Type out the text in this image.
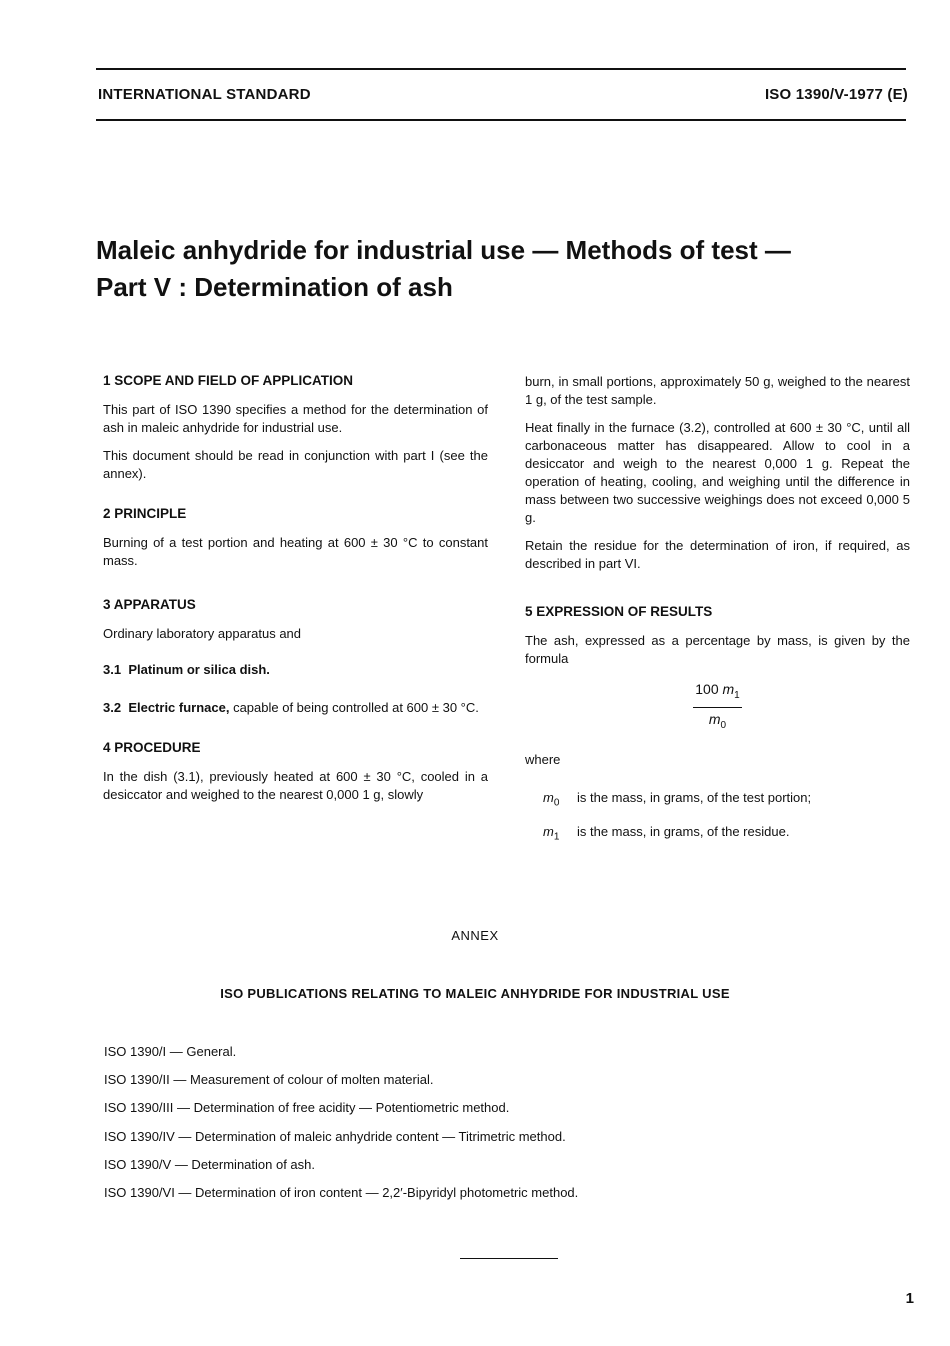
INTERNATIONAL STANDARD	ISO 1390/V-1977 (E)
Maleic anhydride for industrial use — Methods of test —
Part V : Determination of ash
1 SCOPE AND FIELD OF APPLICATION
This part of ISO 1390 specifies a method for the determination of ash in maleic anhydride for industrial use.
This document should be read in conjunction with part I (see the annex).
2 PRINCIPLE
Burning of a test portion and heating at 600 ± 30 °C to constant mass.
3 APPARATUS
Ordinary laboratory apparatus and
3.1 Platinum or silica dish.
3.2 Electric furnace, capable of being controlled at 600 ± 30 °C.
4 PROCEDURE
In the dish (3.1), previously heated at 600 ± 30 °C, cooled in a desiccator and weighed to the nearest 0,000 1 g, slowly
burn, in small portions, approximately 50 g, weighed to the nearest 1 g, of the test sample.
Heat finally in the furnace (3.2), controlled at 600 ± 30 °C, until all carbonaceous matter has disappeared. Allow to cool in a desiccator and weigh to the nearest 0,000 1 g. Repeat the operation of heating, cooling, and weighing until the difference in mass between two successive weighings does not exceed 0,000 5 g.
Retain the residue for the determination of iron, if required, as described in part VI.
5 EXPRESSION OF RESULTS
The ash, expressed as a percentage by mass, is given by the formula
100 $m_1$
$m_0$
where
$m_0$ is the mass, in grams, of the test portion;
$m_1$ is the mass, in grams, of the residue.
ANNEX
ISO PUBLICATIONS RELATING TO MALEIC ANHYDRIDE FOR INDUSTRIAL USE
ISO 1390/I — General.
ISO 1390/II — Measurement of colour of molten material.
ISO 1390/III — Determination of free acidity — Potentiometric method.
ISO 1390/IV — Determination of maleic anhydride content — Titrimetric method.
ISO 1390/V — Determination of ash.
ISO 1390/VI — Determination of iron content — 2,2′-Bipyridyl photometric method.
1
